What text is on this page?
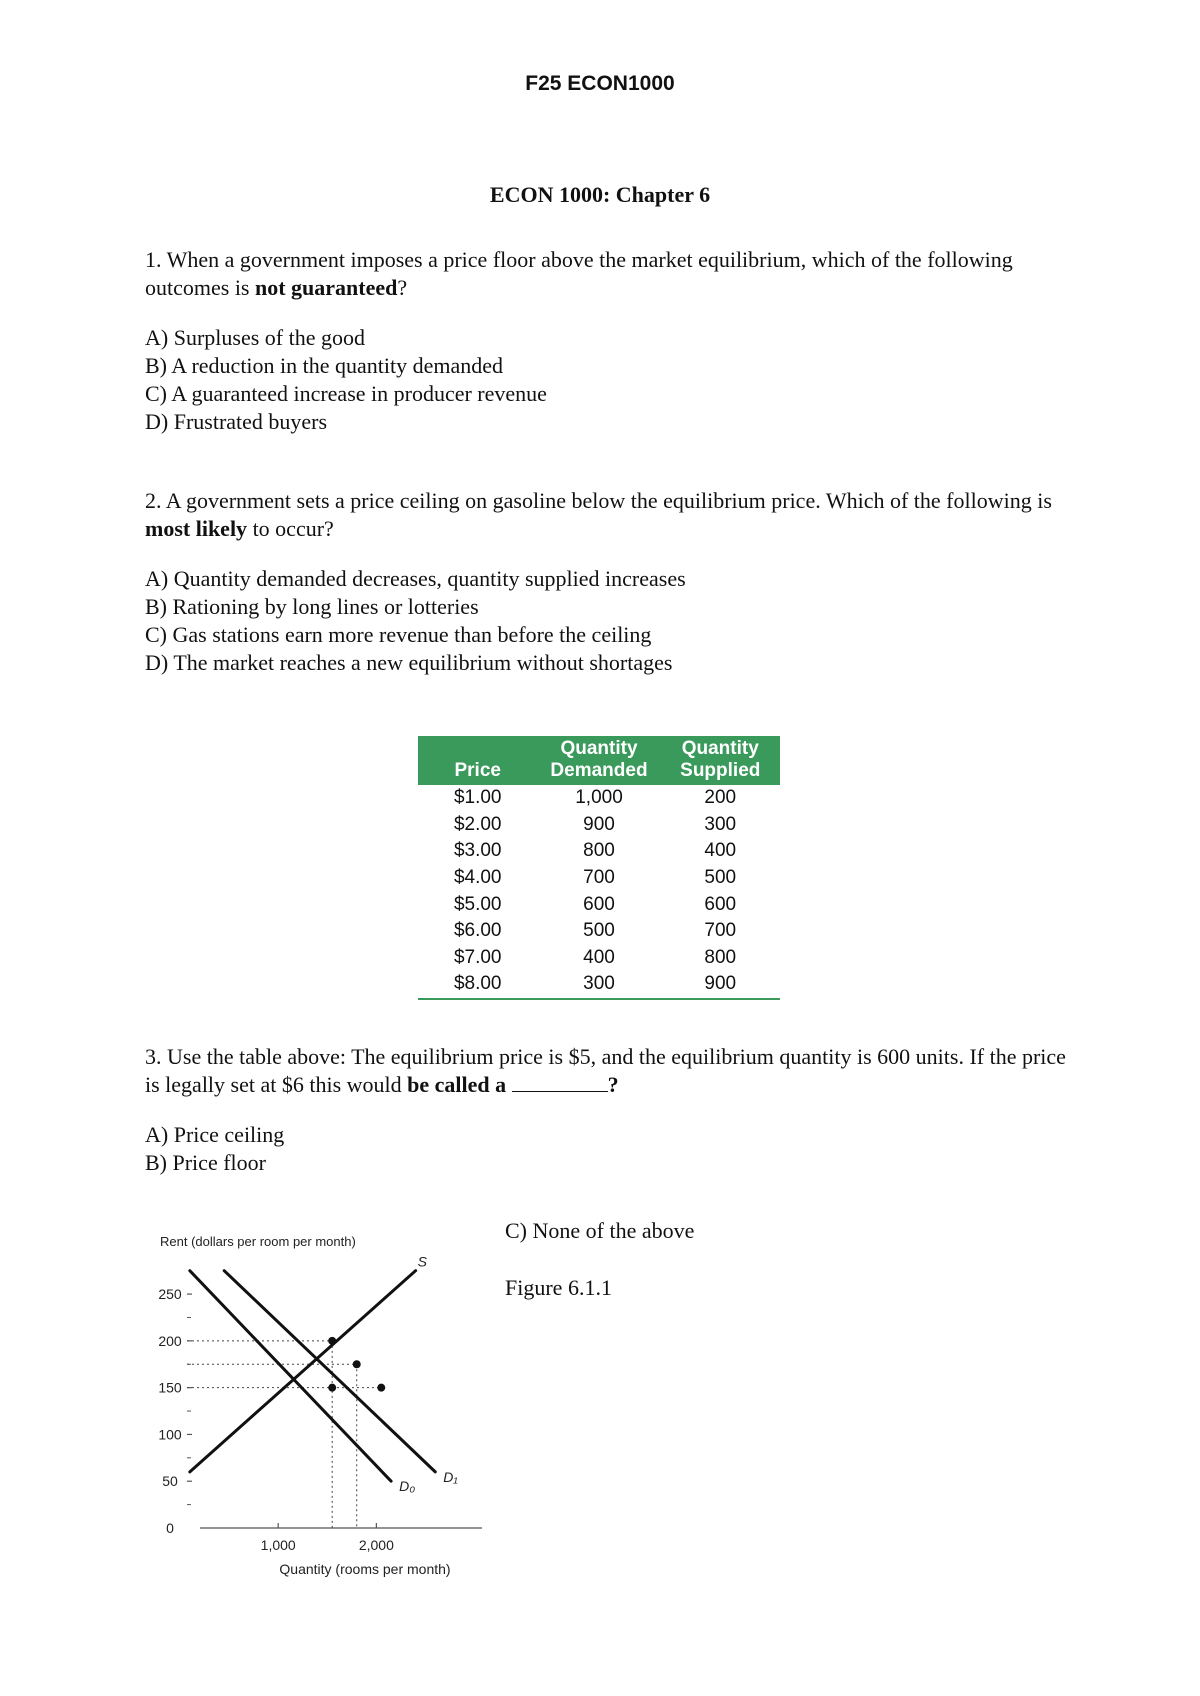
F25 ECON1000
ECON 1000: Chapter 6
1. When a government imposes a price floor above the market equilibrium, which of the following outcomes is not guaranteed?
A) Surpluses of the good
B) A reduction in the quantity demanded
C) A guaranteed increase in producer revenue
D) Frustrated buyers
2. A government sets a price ceiling on gasoline below the equilibrium price. Which of the following is most likely to occur?
A) Quantity demanded decreases, quantity supplied increases
B) Rationing by long lines or lotteries
C) Gas stations earn more revenue than before the ceiling
D) The market reaches a new equilibrium without shortages
Price	Quantity Demanded	Quantity Supplied
$1.00	1,000	200
$2.00	900	300
$3.00	800	400
$4.00	700	500
$5.00	600	600
$6.00	500	700
$7.00	400	800
$8.00	300	900
3. Use the table above: The equilibrium price is $5, and the equilibrium quantity is 600 units. If the price is legally set at $6 this would be called a	?
A) Price ceiling
B) Price floor
C) None of the above
Figure 6.1.1
Rent (dollars per room per month)
Quantity (rooms per month)
0
50
100
150
200
250
1,000	2,000
S
D₀
D₁
